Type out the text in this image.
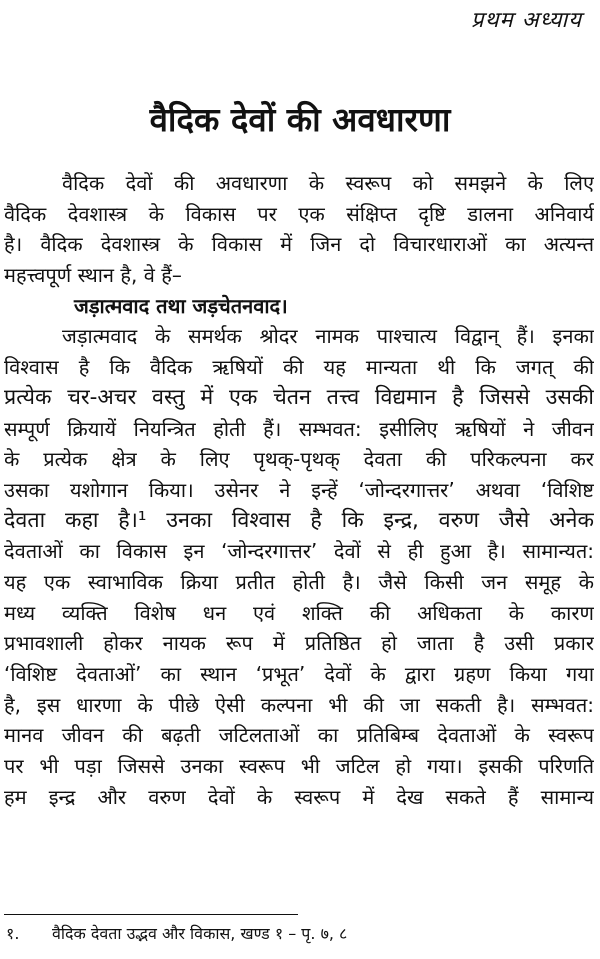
प्रथम अध्याय
वैदिक देवों की अवधारणा
वैदिक देवों की अवधारणा के स्वरूप को समझने के लिए
वैदिक देवशास्त्र के विकास पर एक संक्षिप्त दृष्टि डालना अनिवार्य
है। वैदिक देवशास्त्र के विकास में जिन दो विचारधाराओं का अत्यन्त
महत्त्वपूर्ण स्थान है, वे हैं–
जड़ात्मवाद तथा जड़चेतनवाद।
जड़ात्मवाद के समर्थक श्रोदर नामक पाश्चात्य विद्वान् हैं। इनका
विश्वास है कि वैदिक ऋषियों की यह मान्यता थी कि जगत् की
प्रत्येक चर-अचर वस्तु में एक चेतन तत्त्व विद्यमान है जिससे उसकी
सम्पूर्ण क्रियायें नियन्त्रित होती हैं। सम्भवत: इसीलिए ऋषियों ने जीवन
के प्रत्येक क्षेत्र के लिए पृथक्-पृथक् देवता की परिकल्पना कर
उसका यशोगान किया। उसेनर ने इन्हें ‘जोन्दरगात्तर’ अथवा ‘विशिष्ट
देवता कहा है।¹ उनका विश्वास है कि इन्द्र, वरुण जैसे अनेक
देवताओं का विकास इन ‘जोन्दरगात्तर’ देवों से ही हुआ है। सामान्यत:
यह एक स्वाभाविक क्रिया प्रतीत होती है। जैसे किसी जन समूह के
मध्य व्यक्ति विशेष धन एवं शक्ति की अधिकता के कारण
प्रभावशाली होकर नायक रूप में प्रतिष्ठित हो जाता है उसी प्रकार
‘विशिष्ट देवताओं’ का स्थान ‘प्रभूत’ देवों के द्वारा ग्रहण किया गया
है, इस धारणा के पीछे ऐसी कल्पना भी की जा सकती है। सम्भवत:
मानव जीवन की बढ़ती जटिलताओं का प्रतिबिम्ब देवताओं के स्वरूप
पर भी पड़ा जिससे उनका स्वरूप भी जटिल हो गया। इसकी परिणति
हम इन्द्र और वरुण देवों के स्वरूप में देख सकते हैं सामान्य
१. वैदिक देवता उद्भव और विकास, खण्ड १ – पृ. ७, ८
